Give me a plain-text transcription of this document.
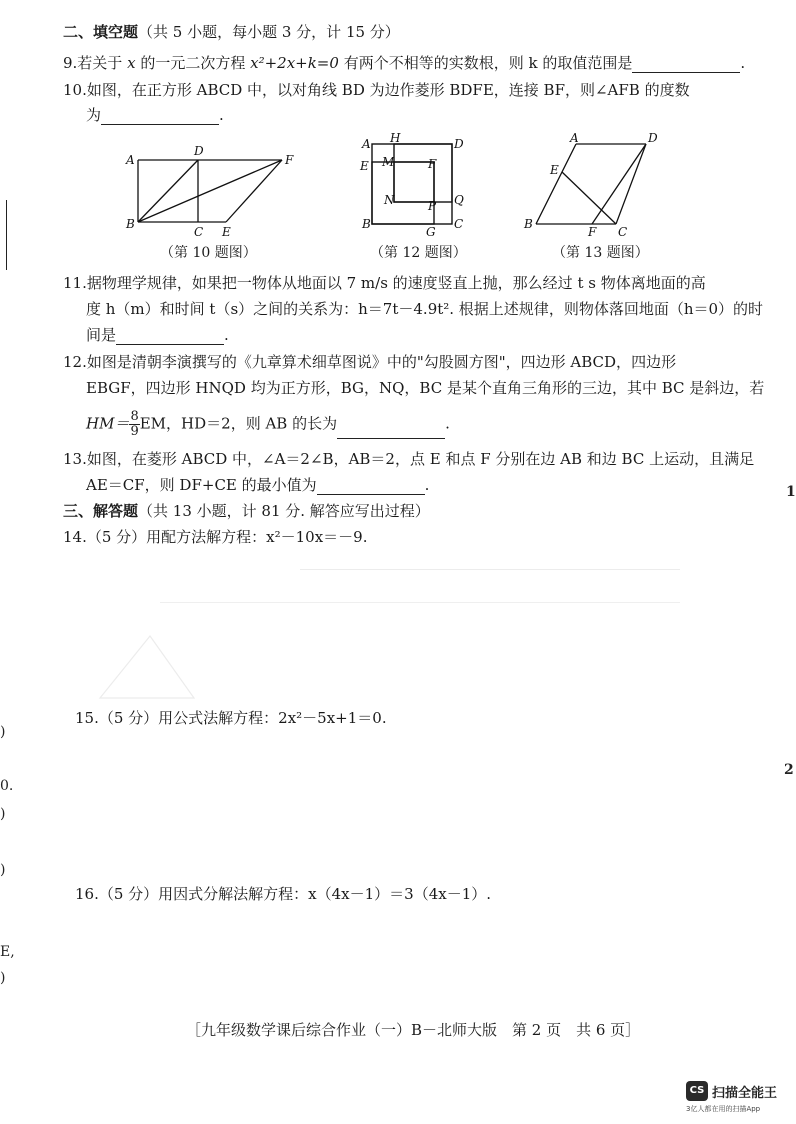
二、填空题（共 5 小题，每小题 3 分，计 15 分）
9.若关于 x 的一元二次方程 x²+2x+k=0 有两个不相等的实数根，则 k 的取值范围是	.
10.如图，在正方形 ABCD 中，以对角线 BD 为边作菱形 BDFE，连接 BF，则∠AFB 的度数
为	.
A
D
F
B
C E
（第 10 题图）
A H	D
E M	F
N	P Q
B
G
C
（第 12 题图）
A	D
E
B
F C
（第 13 题图）
11.据物理学规律，如果把一物体从地面以 7 m/s 的速度竖直上抛，那么经过 t s 物体离地面的高
度 h（m）和时间 t（s）之间的关系为：h＝7t－4.9t². 根据上述规律，则物体落回地面（h＝0）的时
间是	.
12.如图是清朝李演撰写的《九章算术细草图说》中的"勾股圆方图"，四边形 ABCD，四边形
EBGF，四边形 HNQD 均为正方形，BG，NQ，BC 是某个直角三角形的三边，其中 BC 是斜边，若
$HM= \frac{8}{9}$ EM，HD＝2，则 AB 的长为	.
13.如图，在菱形 ABCD 中，∠A＝2∠B，AB＝2，点 E 和点 F 分别在边 AB 和边 BC 上运动，且满足
AE＝CF，则 DF+CE 的最小值为	.
三、解答题（共 13 小题，计 81 分. 解答应写出过程）
14.（5 分）用配方法解方程：x²－10x＝－9.
15.（5 分）用公式法解方程：2x²－5x+1＝0.
16.（5 分）用因式分解法解方程：x（4x－1）＝3（4x－1）.
［九年级数学课后综合作业（一）B－北师大版　第 2 页　共 6 页］
CS 扫描全能王
3亿人都在用的扫描App
)
0.
)
)
E,
)
1
2
